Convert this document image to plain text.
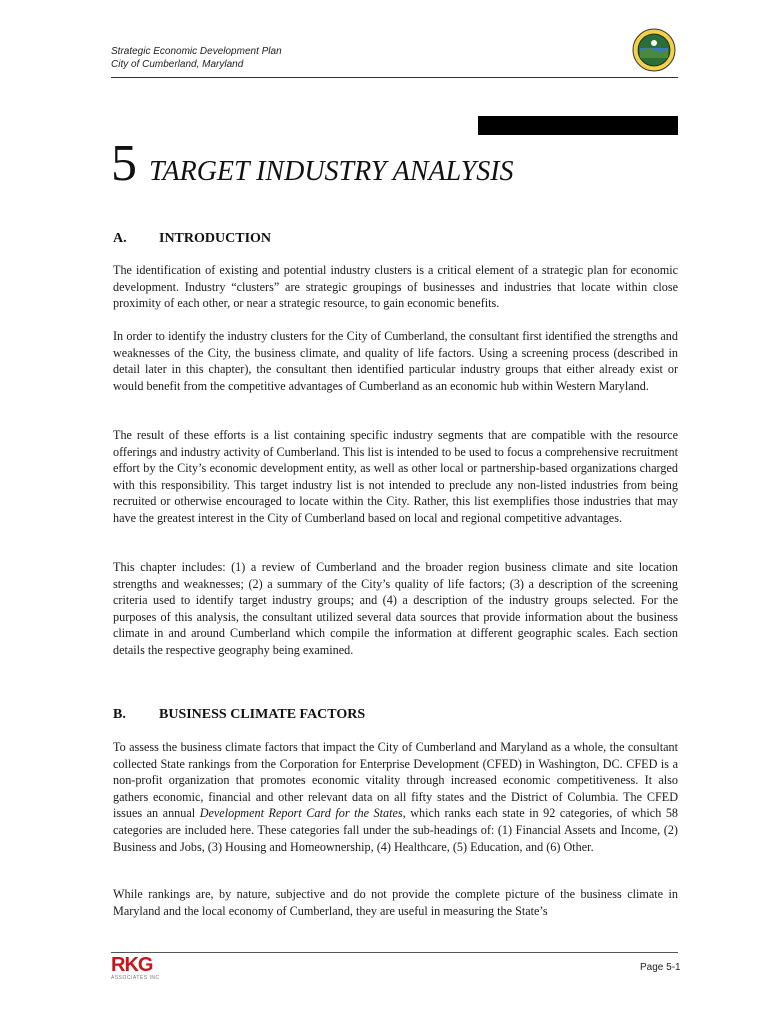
Strategic Economic Development Plan
City of Cumberland, Maryland
5 TARGET INDUSTRY ANALYSIS
A. INTRODUCTION

The identification of existing and potential industry clusters is a critical element of a strategic plan for economic development. Industry “clusters” are strategic groupings of businesses and industries that locate within close proximity of each other, or near a strategic resource, to gain economic benefits.

In order to identify the industry clusters for the City of Cumberland, the consultant first identified the strengths and weaknesses of the City, the business climate, and quality of life factors. Using a screening process (described in detail later in this chapter), the consultant then identified particular industry groups that either already exist or would benefit from the competitive advantages of Cumberland as an economic hub within Western Maryland.

The result of these efforts is a list containing specific industry segments that are compatible with the resource offerings and industry activity of Cumberland. This list is intended to be used to focus a comprehensive recruitment effort by the City’s economic development entity, as well as other local or partnership-based organizations charged with this responsibility. This target industry list is not intended to preclude any non-listed industries from being recruited or otherwise encouraged to locate within the City. Rather, this list exemplifies those industries that may have the greatest interest in the City of Cumberland based on local and regional competitive advantages.

This chapter includes: (1) a review of Cumberland and the broader region business climate and site location strengths and weaknesses; (2) a summary of the City’s quality of life factors; (3) a description of the screening criteria used to identify target industry groups; and (4) a description of the industry groups selected. For the purposes of this analysis, the consultant utilized several data sources that provide information about the business climate in and around Cumberland which compile the information at different geographic scales. Each section details the respective geography being examined.

B. BUSINESS CLIMATE FACTORS

To assess the business climate factors that impact the City of Cumberland and Maryland as a whole, the consultant collected State rankings from the Corporation for Enterprise Development (CFED) in Washington, DC. CFED is a non-profit organization that promotes economic vitality through increased economic competitiveness. It also gathers economic, financial and other relevant data on all fifty states and the District of Columbia. The CFED issues an annual Development Report Card for the States, which ranks each state in 92 categories, of which 58 categories are included here. These categories fall under the sub-headings of: (1) Financial Assets and Income, (2) Business and Jobs, (3) Housing and Homeownership, (4) Healthcare, (5) Education, and (6) Other.

While rankings are, by nature, subjective and do not provide the complete picture of the business climate in Maryland and the local economy of Cumberland, they are useful in measuring the State’s

RKG
ASSOCIATES INC
Page 5-1
